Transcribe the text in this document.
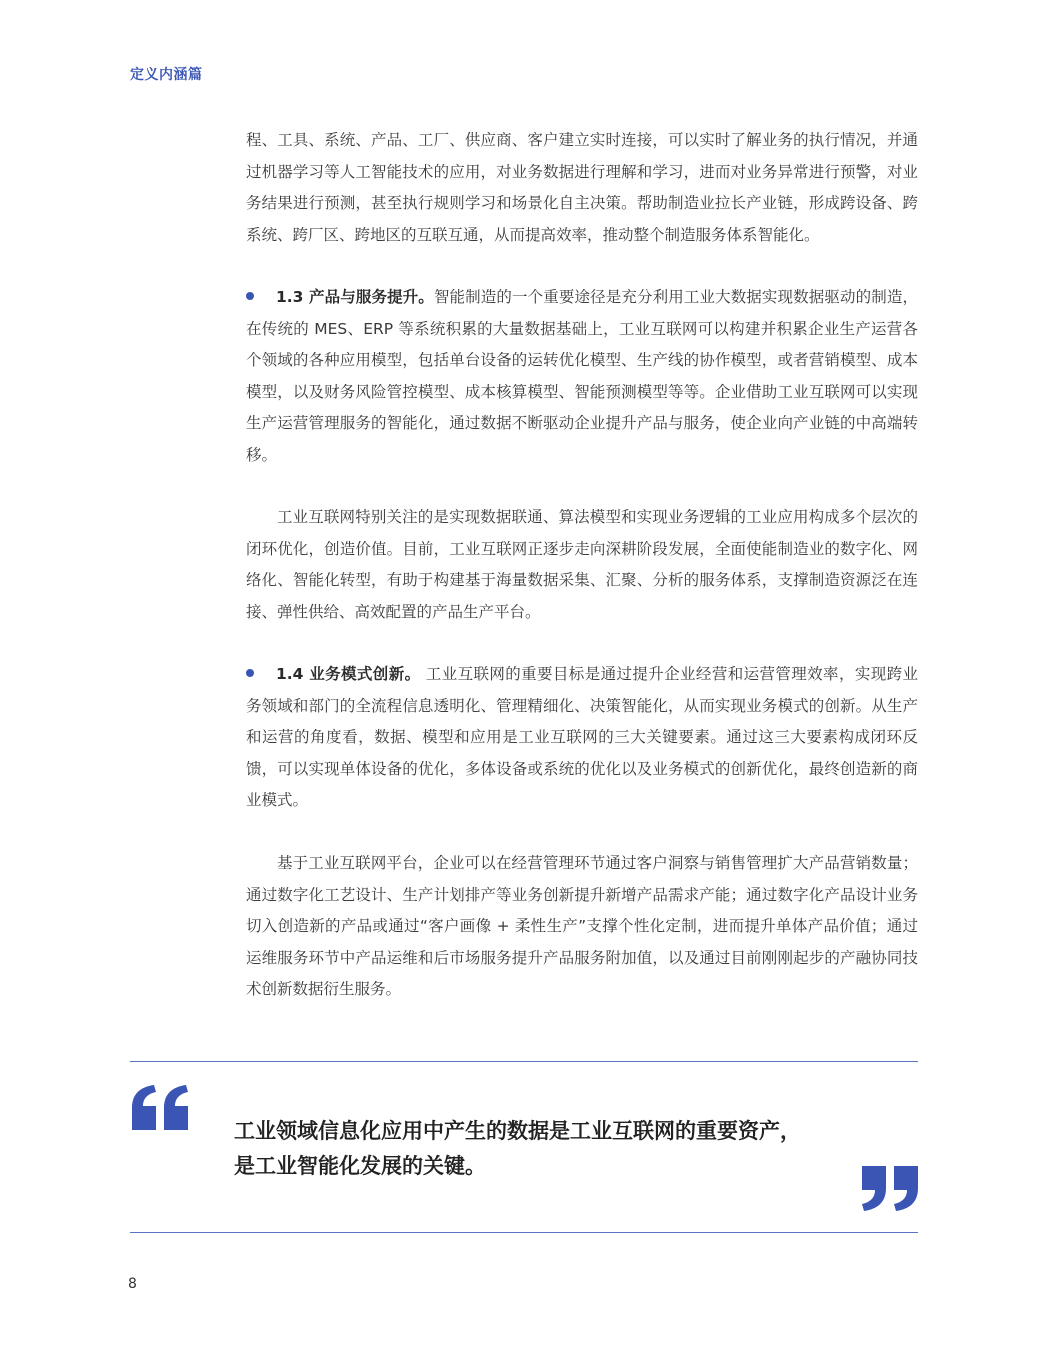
定义内涵篇

程、工具、系统、产品、工厂、供应商、客户建立实时连接，可以实时了解业务的执行情况，并通过机器学习等人工智能技术的应用，对业务数据进行理解和学习，进而对业务异常进行预警，对业务结果进行预测，甚至执行规则学习和场景化自主决策。帮助制造业拉长产业链，形成跨设备、跨系统、跨厂区、跨地区的互联互通，从而提高效率，推动整个制造服务体系智能化。

1.3 产品与服务提升。智能制造的一个重要途径是充分利用工业大数据实现数据驱动的制造，在传统的 MES、ERP 等系统积累的大量数据基础上，工业互联网可以构建并积累企业生产运营各个领域的各种应用模型，包括单台设备的运转优化模型、生产线的协作模型，或者营销模型、成本模型，以及财务风险管控模型、成本核算模型、智能预测模型等等。企业借助工业互联网可以实现生产运营管理服务的智能化，通过数据不断驱动企业提升产品与服务，使企业向产业链的中高端转移。

工业互联网特别关注的是实现数据联通、算法模型和实现业务逻辑的工业应用构成多个层次的闭环优化，创造价值。目前，工业互联网正逐步走向深耕阶段发展，全面使能制造业的数字化、网络化、智能化转型，有助于构建基于海量数据采集、汇聚、分析的服务体系，支撑制造资源泛在连接、弹性供给、高效配置的产品生产平台。

1.4 业务模式创新。 工业互联网的重要目标是通过提升企业经营和运营管理效率，实现跨业务领域和部门的全流程信息透明化、管理精细化、决策智能化，从而实现业务模式的创新。从生产和运营的角度看，数据、模型和应用是工业互联网的三大关键要素。通过这三大要素构成闭环反馈，可以实现单体设备的优化，多体设备或系统的优化以及业务模式的创新优化，最终创造新的商业模式。

基于工业互联网平台，企业可以在经营管理环节通过客户洞察与销售管理扩大产品营销数量；通过数字化工艺设计、生产计划排产等业务创新提升新增产品需求产能；通过数字化产品设计业务切入创造新的产品或通过“客户画像 + 柔性生产”支撑个性化定制，进而提升单体产品价值；通过运维服务环节中产品运维和后市场服务提升产品服务附加值，以及通过目前刚刚起步的产融协同技术创新数据衍生服务。

工业领域信息化应用中产生的数据是工业互联网的重要资产，
是工业智能化发展的关键。
8
